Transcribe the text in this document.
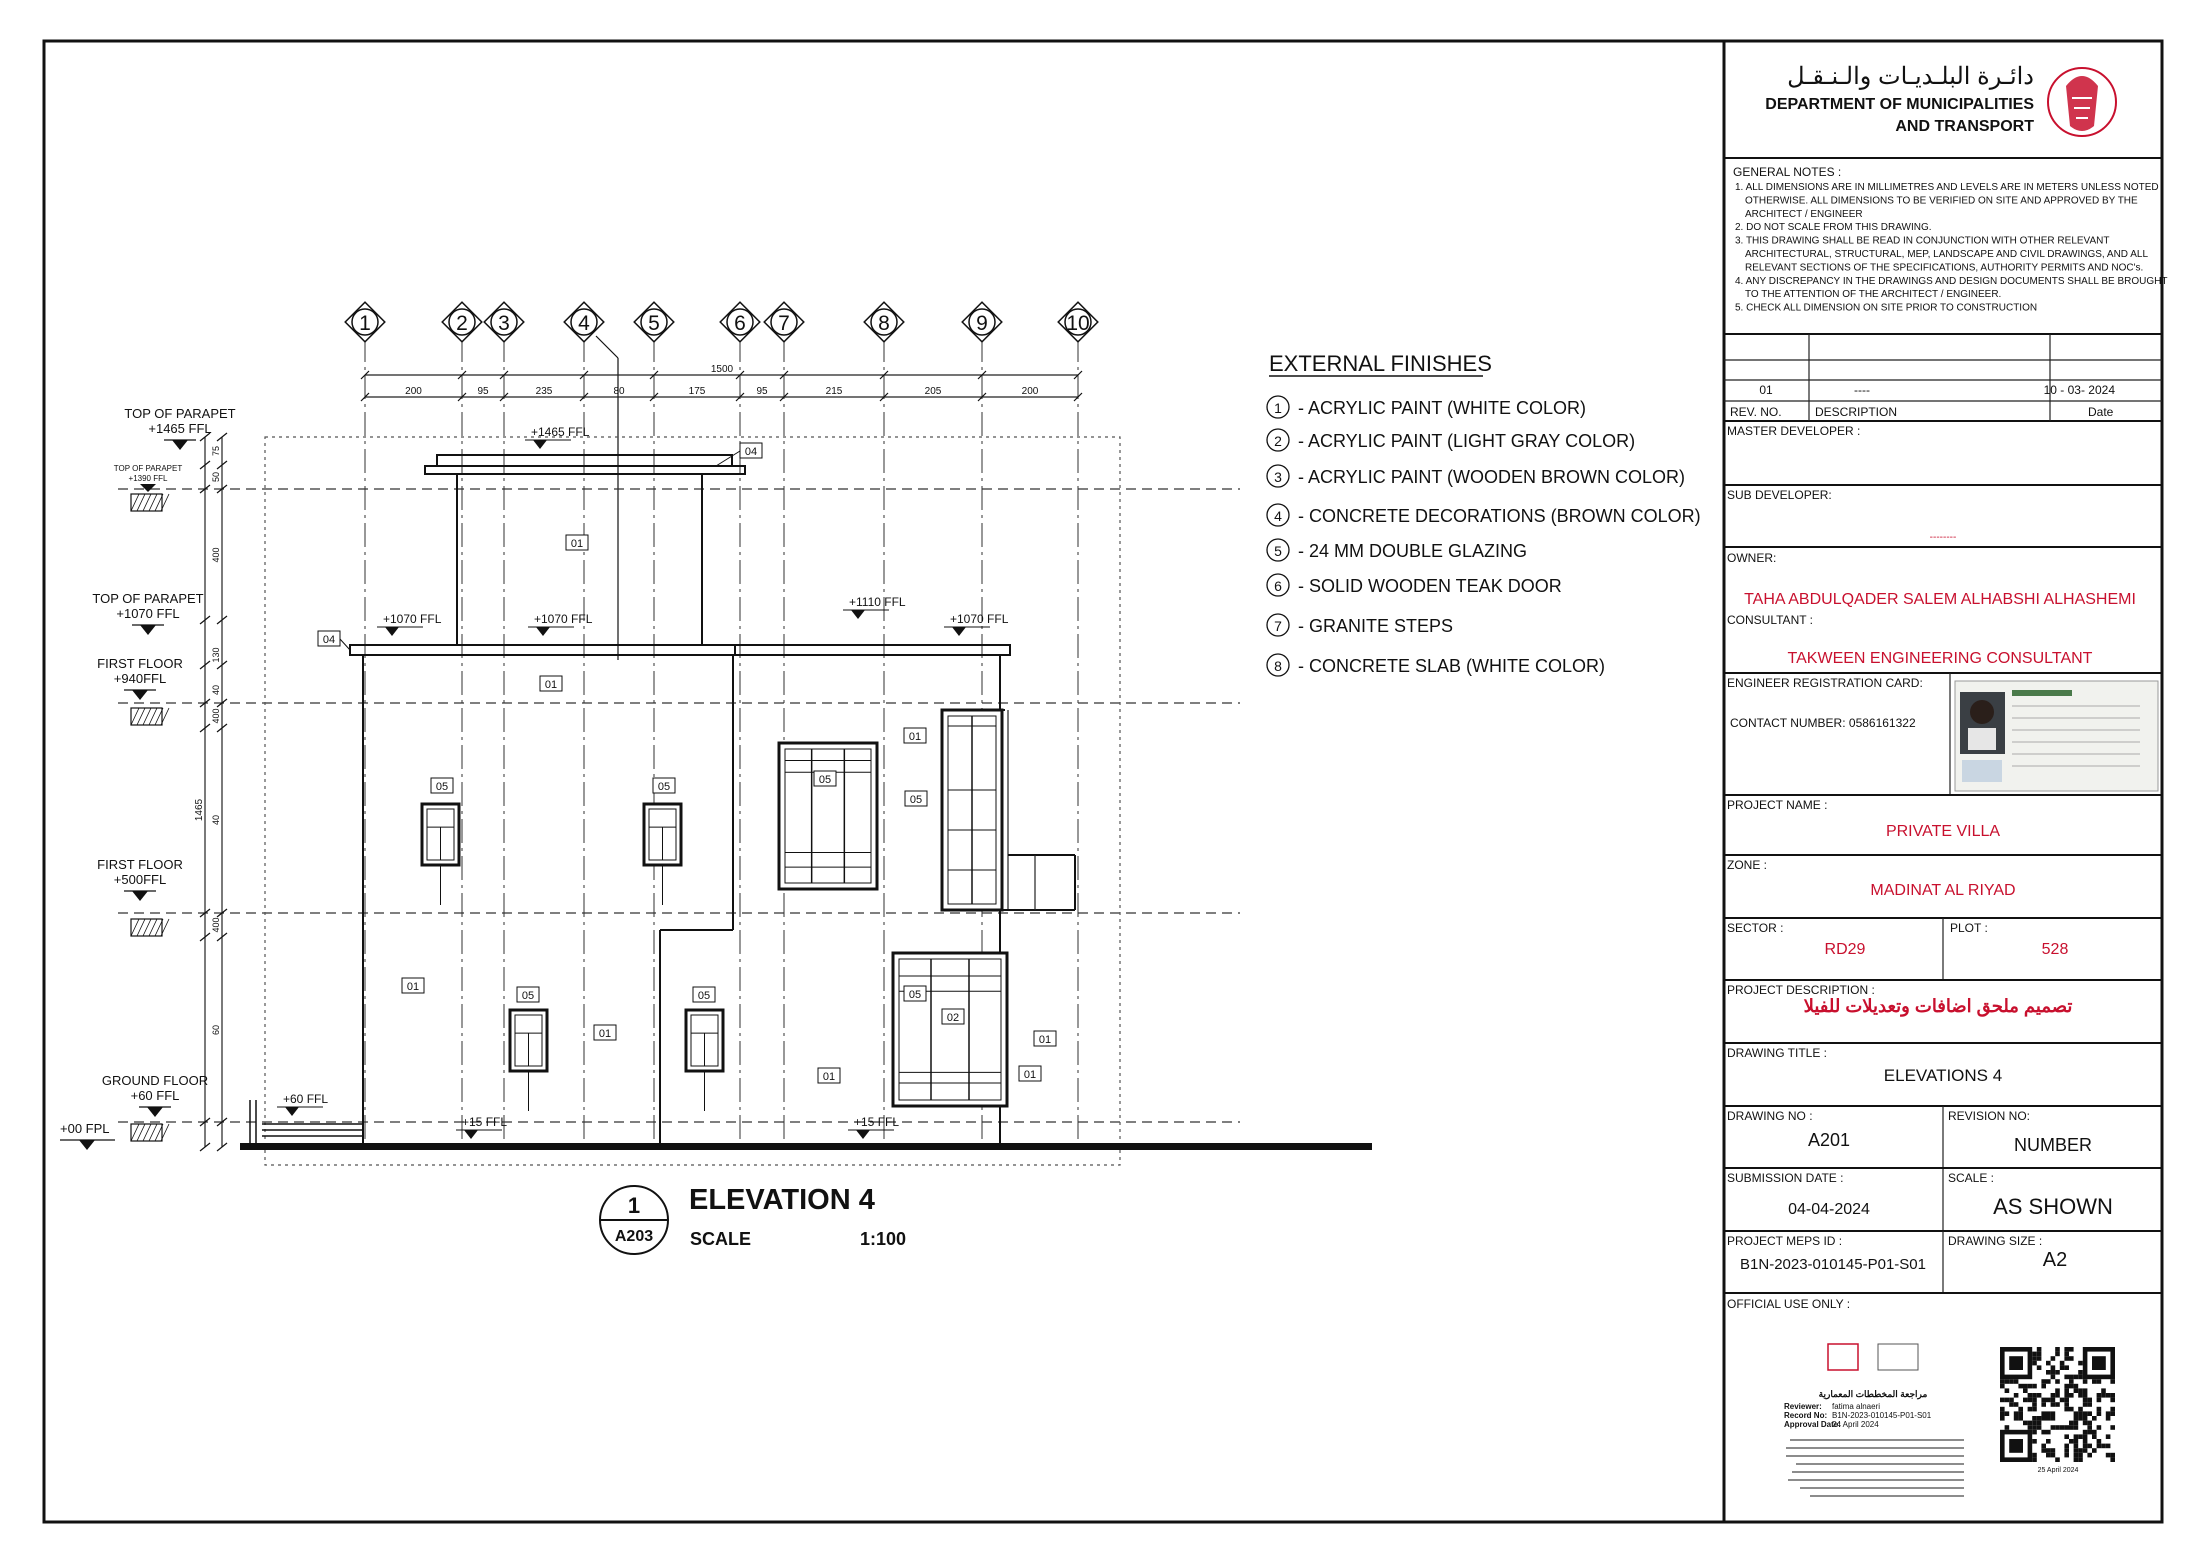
دائـرة البلـديـات والـنـقـل
DEPARTMENT OF MUNICIPALITIES
AND TRANSPORT
GENERAL NOTES :
1. ALL DIMENSIONS ARE IN MILLIMETRES AND LEVELS ARE IN METERS UNLESS NOTED
OTHERWISE. ALL DIMENSIONS TO BE VERIFIED ON SITE AND APPROVED BY THE
ARCHITECT / ENGINEER
2. DO NOT SCALE FROM THIS DRAWING.
3. THIS DRAWING SHALL BE READ IN CONJUNCTION WITH OTHER RELEVANT
ARCHITECTURAL, STRUCTURAL, MEP, LANDSCAPE AND CIVIL DRAWINGS, AND ALL
RELEVANT SECTIONS OF THE SPECIFICATIONS, AUTHORITY PERMITS AND NOC's.
4. ANY DISCREPANCY IN THE DRAWINGS AND DESIGN DOCUMENTS SHALL BE BROUGHT
TO THE ATTENTION OF THE ARCHITECT / ENGINEER.
5. CHECK ALL DIMENSION ON SITE PRIOR TO CONSTRUCTION
01	----	10 - 03- 2024
REV. NO.	DESCRIPTION	Date
MASTER DEVELOPER :
SUB DEVELOPER:
--------
OWNER:
TAHA ABDULQADER SALEM ALHABSHI ALHASHEMI
CONSULTANT :
TAKWEEN ENGINEERING CONSULTANT
ENGINEER REGISTRATION CARD:
CONTACT NUMBER: 0586161322
PROJECT NAME :
PRIVATE VILLA
ZONE :
MADINAT AL RIYAD
SECTOR :
RD29
PLOT :
528
PROJECT DESCRIPTION :
تصميم ملحق اضافات وتعديلات للفيلا
DRAWING TITLE :
ELEVATIONS 4
DRAWING NO :
A201
REVISION NO:
NUMBER
SUBMISSION DATE :
04-04-2024
SCALE :
AS SHOWN
PROJECT MEPS ID :
B1N-2023-010145-P01-S01
DRAWING SIZE :
A2
OFFICIAL USE ONLY :
مراجعة المخططات المعمارية
Reviewer: fatima alnaeri
Record No: B1N-2023-010145-P01-S01
Approval Date:
24 April 2024
25 April 2024
EXTERNAL FINISHES
1 - ACRYLIC PAINT (WHITE COLOR)
2 - ACRYLIC PAINT (LIGHT GRAY COLOR)
3 - ACRYLIC PAINT (WOODEN BROWN COLOR)
4 - CONCRETE DECORATIONS (BROWN COLOR)
5 - 24 MM DOUBLE GLAZING
6 - SOLID WOODEN TEAK DOOR
7 - GRANITE STEPS
8 - CONCRETE SLAB (WHITE COLOR)
1	2 3	4	5	6 7	8	9	10
1500
200	95	235	80	175	95	215	205	200
75
50
400
130
40
400
40
400
60
1465
TOP OF PARAPET
+1465 FFL
TOP OF PARAPET
+1070 FFL
FIRST FLOOR
+940FFL
FIRST FLOOR
+500FFL
GROUND FLOOR
+60 FFL
TOP OF PARAPET
+1390 FFL
+00 FPL
+1465 FFL
+1070 FFL	+1070 FFL
+1110 FFL
+1070 FFL
+60 FFL
+15 FFL	+15 FFL
04
01
04
01
05	05
05
01
05
05	05
01
01
01
02
05
01
01
1
A203
ELEVATION 4
SCALE	1:100
